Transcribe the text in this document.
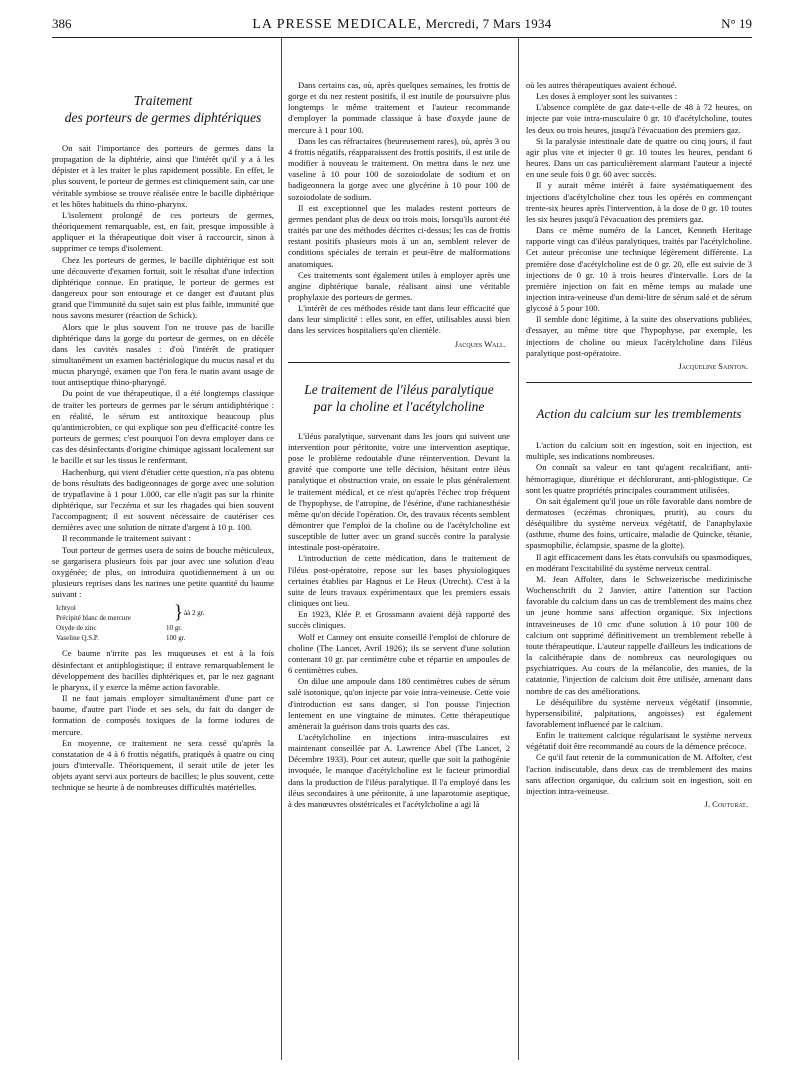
386	LA PRESSE MEDICALE, Mercredi, 7 Mars 1934	N° 19
Traitement
des porteurs de germes diphtériques

On sait l'importance des porteurs de germes dans la propagation de la diphtérie, ainsi que l'intérêt qu'il y a à les dépister et à les traiter le plus rapidement possible. En effet, le plus souvent, le porteur de germes est cliniquement sain, car une véritable symbiose se trouve réalisée entre le bacille diphtérique et les hôtes habituels du rhino-pharynx.

L'isolement prolongé de ces porteurs de germes, théoriquement remarquable, est, en fait, presque impossible à appliquer et la thérapeutique doit viser à raccourcir, sinon à supprimer ce temps d'isolement.

Chez les porteurs de germes, le bacille diphtérique est soit une découverte d'examen fortuit, soit le résultat d'une infection diphtérique connue. En pratique, le porteur de germes est dangereux pour son entourage et ce danger est d'autant plus grand que l'immunité du sujet sain est plus faible, immunité que nous savons mesurer (réaction de Schick).

Alors que le plus souvent l'on ne trouve pas de bacille diphtérique dans la gorge du porteur de germes, on en décèle dans les cavités nasales : d'où l'intérêt de pratiquer simultanément un examen bactériologique du mucus nasal et du mucus pharyngé, examen que l'on fera le matin avant usage de tout antiseptique rhino-pharyngé.

Du point de vue thérapeutique, il a été longtemps classique de traiter les porteurs de germes par le sérum antidiphtérique : en réalité, le sérum est antitoxique beaucoup plus qu'antimicrobien, ce qui explique son peu d'efficacité contre les porteurs de germes; c'est pourquoi l'on devra employer dans ce cas des désinfectants d'origine chimique agissant localement sur le bacille et sur les tissus le renfermant.

Hachenburg, qui vient d'étudier cette question, n'a pas obtenu de bons résultats des badigeonnages de gorge avec une solution de trypaflavine à 1 pour 1.000, car elle n'agit pas sur la rhinite diphtérique, sur l'eczéma et sur les rhagades qui bien souvent l'accompagnent; il est souvent nécessaire de cautériser ces dernières avec une solution de nitrate d'argent à 10 p. 100.

Il recommande le traitement suivant :

Tout porteur de germes usera de soins de bouche méticuleux, se gargarisera plusieurs fois par jour avec une solution d'eau oxygénée; de plus, on introduira quotidiennement à un ou plusieurs reprises dans les narines une petite quantité du baume suivant :

Ichtyol
Précipité blanc de mercure	} àà 2 gr.
Oxyde de zinc	10 gr.
Vaseline Q.S.P.	100 gr.

Ce baume n'irrite pas les muqueuses et est à la fois désinfectant et antiphlogistique; il entrave remarquablement le développement des bacilles diphtériques et, par le nez gagnant le pharynx, il y exerce la même action favorable.

Il ne faut jamais employer simultanément d'une part ce baume, d'autre part l'iode et ses sels, du fait du danger de formation de composés toxiques de la forme iodures de mercure.

En moyenne, ce traitement ne sera cessé qu'après la constatation de 4 à 6 frottis négatifs, pratiqués à quatre ou cinq jours d'intervalle. Théoriquement, il serait utile de jeter les objets ayant servi aux porteurs de bacilles; le plus souvent, cette technique se heurte à de nombreuses difficultés matérielles.

Dans certains cas, où, après quelques semaines, les frottis de gorge et du nez restent positifs, il est inutile de poursuivre plus longtemps le même traitement et l'auteur recommande d'employer la pommade classique à base d'oxyde jaune de mercure à 1 pour 100.

Dans les cas réfractaires (heureusement rares), où, après 3 ou 4 frottis négatifs, réapparaissent des frottis positifs, il est utile de modifier à nouveau le traitement. On mettra dans le nez une vaseline à 10 pour 100 de sozoiodolate de sodium et on badigeonnera la gorge avec une glycérine à 10 pour 100 de sozoiodolate de sodium.

Il est exceptionnel que les malades restent porteurs de germes pendant plus de deux ou trois mois, lorsqu'ils auront été traités par une des méthodes décrites ci-dessus; les cas de frottis restant positifs plusieurs mois à un an, semblent relever de conditions spéciales de terrain et peut-être de malformations anatomiques.

Ces traitements sont également utiles à employer après une angine diphtérique banale, réalisant ainsi une véritable prophylaxie des porteurs de germes.

L'intérêt de ces méthodes réside tant dans leur efficacité que dans leur simplicité : elles sont, en effet, utilisables aussi bien dans les services hospitaliers qu'en clientèle.

Jacques Wall.

Le traitement de l'iléus paralytique
par la choline et l'acétylcholine

L'iléus paralytique, survenant dans les jours qui suivent une intervention pour péritonite, voire une intervention aseptique, pose le problème redoutable d'une réintervention. Devant la gravité que comporte une telle décision, hésitant entre iléus paralytique et obstruction vraie, on essaie le plus généralement le traitement médical, et ce n'est qu'après l'échec trop fréquent de l'hypophyse, de l'atropine, de l'ésérine, d'une rachianesthésie même qu'on décide l'opération. Or, des travaux récents semblent démontrer que l'emploi de la choline ou de l'acétylcholine est susceptible de lutter avec un grand succès contre la paralysie intestinale post-opératoire.

L'introduction de cette médication, dans le traitement de l'iléus post-opératoire, repose sur les bases physiologiques certaines établies par Hagnus et Le Heux (Utrecht). C'est à la suite de leurs travaux expérimentaux que les premiers essais cliniques ont lieu.

En 1923, Klée P. et Grossmann avaient déjà rapporté des succès cliniques.

Wolf et Canney ont ensuite conseillé l'emploi de chlorure de choline (The Lancet, Avril 1926); ils se servent d'une solution contenant 10 gr. par centimètre cube et répartie en ampoules de 6 centimètres cubes.

On dilue une ampoule dans 180 centimètres cubes de sérum salé isotonique, qu'on injecte par voie intra-veineuse. Cette voie d'introduction est sans danger, si l'on pousse l'injection lentement en une vingtaine de minutes. Cette thérapeutique amènerait la guérison dans trois quarts des cas.

L'acétylcholine en injections intra-musculaires est maintenant conseillée par A. Lawrence Abel (The Lancet, 2 Décembre 1933). Pour cet auteur, quelle que soit la pathogénie invoquée, le manque d'acétylcholine est le facteur primordial dans la production de l'iléus paralytique. Il l'a employé dans les iléus secondaires à une péritonite, à une laparotomie aseptique, à des manœuvres obstétricales et l'acétylcholine a agi là

où les autres thérapeutiques avaient échoué.

Les doses à employer sont les suivantes :

L'absence complète de gaz date-t-elle de 48 à 72 heures, on injecte par voie intra-musculaire 0 gr. 10 d'acétylcholine, toutes les deux ou trois heures, jusqu'à l'évacuation des premiers gaz.

Si la paralysie intestinale date de quatre ou cinq jours, il faut agir plus vite et injecter 0 gr. 10 toutes les heures, pendant 6 heures. Dans un cas particulièrement alarmant l'auteur a injecté en une seule fois 0 gr. 60 avec succès.

Il y aurait même intérêt à faire systématiquement des injections d'acétylcholine chez tous les opérés en commençant trente-six heures après l'intervention, à la dose de 0 gr. 10 toutes les six heures jusqu'à l'évacuation des premiers gaz.

Dans ce même numéro de la Lancet, Kenneth Heritage rapporte vingt cas d'iléus paralytiques, traités par l'acétylcholine. Cet auteur préconise une technique légèrement différente. La première dose d'acétylcholine est de 0 gr. 20, elle est suivie de 3 injections de 0 gr. 10 à trois heures d'intervalle. Lors de la première injection on fait en même temps au malade une injection intra-veineuse d'un demi-litre de sérum salé et de sérum glycosé à 5 pour 100.

Il semble donc légitime, à la suite des observations publiées, d'essayer, au même titre que l'hypophyse, par exemple, les injections de choline ou mieux l'acétylcholine dans l'iléus paralytique post-opératoire.

Jacqueline Sainton.

Action du calcium sur les tremblements

L'action du calcium soit en ingestion, soit en injection, est multiple, ses indications nombreuses.

On connaît sa valeur en tant qu'agent recalcifiant, anti-hémorragique, diurétique et déchlorurant, anti-phlogistique. Ce sont les quatre propriétés principales couramment utilisées.

On sait également qu'il joue un rôle favorable dans nombre de dermatoses (eczémas chroniques, prurit), au cours du déséquilibre du système nerveux végétatif, de l'anaphylaxie (asthme, rhume des foins, urticaire, maladie de Quincke, tétanie, spasmophilie, éclampsie, spasme de la glotte).

Il agit efficacement dans les états convulsifs ou spasmodiques, en modérant l'excitabilité du système nerveux central.

M. Jean Affolter, dans le Schweizerische medizinische Wochenschrift du 2 Janvier, attire l'attention sur l'action favorable du calcium dans un cas de tremblement des mains chez un jeune homme sans affection organique. Six injections intraveineuses de 10 cmc d'une solution à 10 pour 100 de calcium ont supprimé définitivement un tremblement rebelle à toute thérapeutique. L'auteur rappelle d'ailleurs les indications de la calcithérapie dans de nombreux cas neurologiques ou psychiatriques. Au cours de la mélancolie, des manies, de la catatonie, l'injection de calcium doit être utilisée, amenant dans nombre de cas des améliorations.

Le déséquilibre du système nerveux végétatif (insomnie, hypersensibilité, palpitations, angoisses) est également favorablement influencé par le calcium.

Enfin le traitement calcique régularisant le système nerveux végétatif doit être recommandé au cours de la démence précoce.

Ce qu'il faut retenir de la communication de M. Affolter, c'est l'action indiscutable, dans deux cas de tremblement des mains sans affection organique, du calcium soit en ingestion, soit en injection intra-veineuse.

J. Couturat.
